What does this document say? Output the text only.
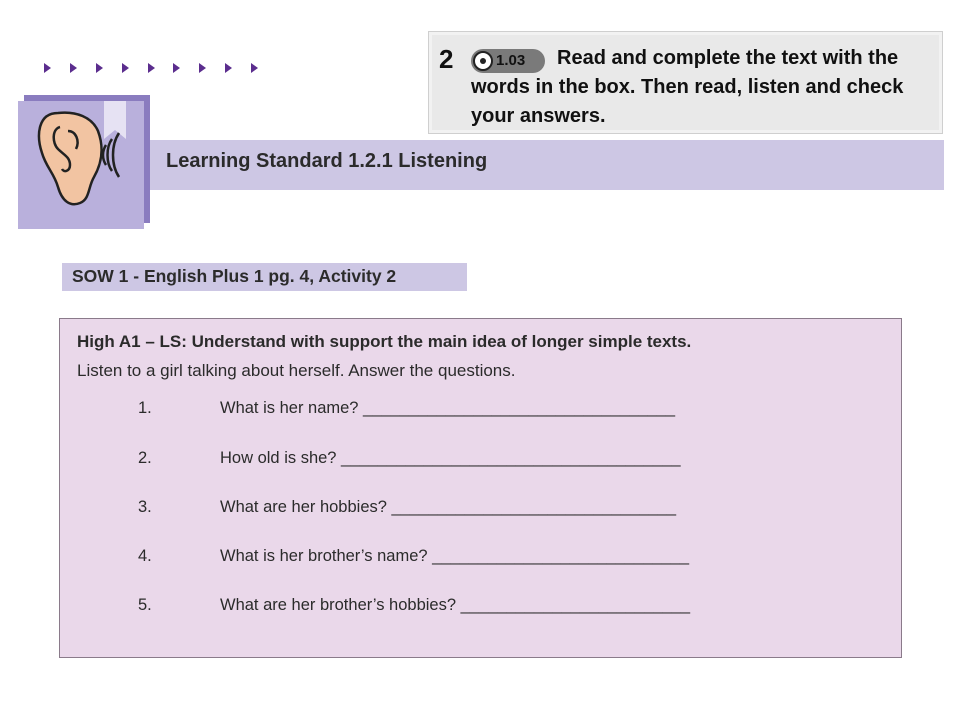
Learning Standard 1.2.1 Listening
2	1.03 Read and complete the text with the
words in the box. Then read, listen and check
your answers.
SOW 1 - English Plus 1 pg. 4, Activity 2
High A1 – LS: Understand with support the main idea of longer simple texts.
Listen to a girl talking about herself. Answer the questions.
1.	What is her name? __________________________________
2.	How old is she? _____________________________________
3.	What are her hobbies? _______________________________
4.	What is her brother’s name? ____________________________
5.	What are her brother’s hobbies? _________________________
